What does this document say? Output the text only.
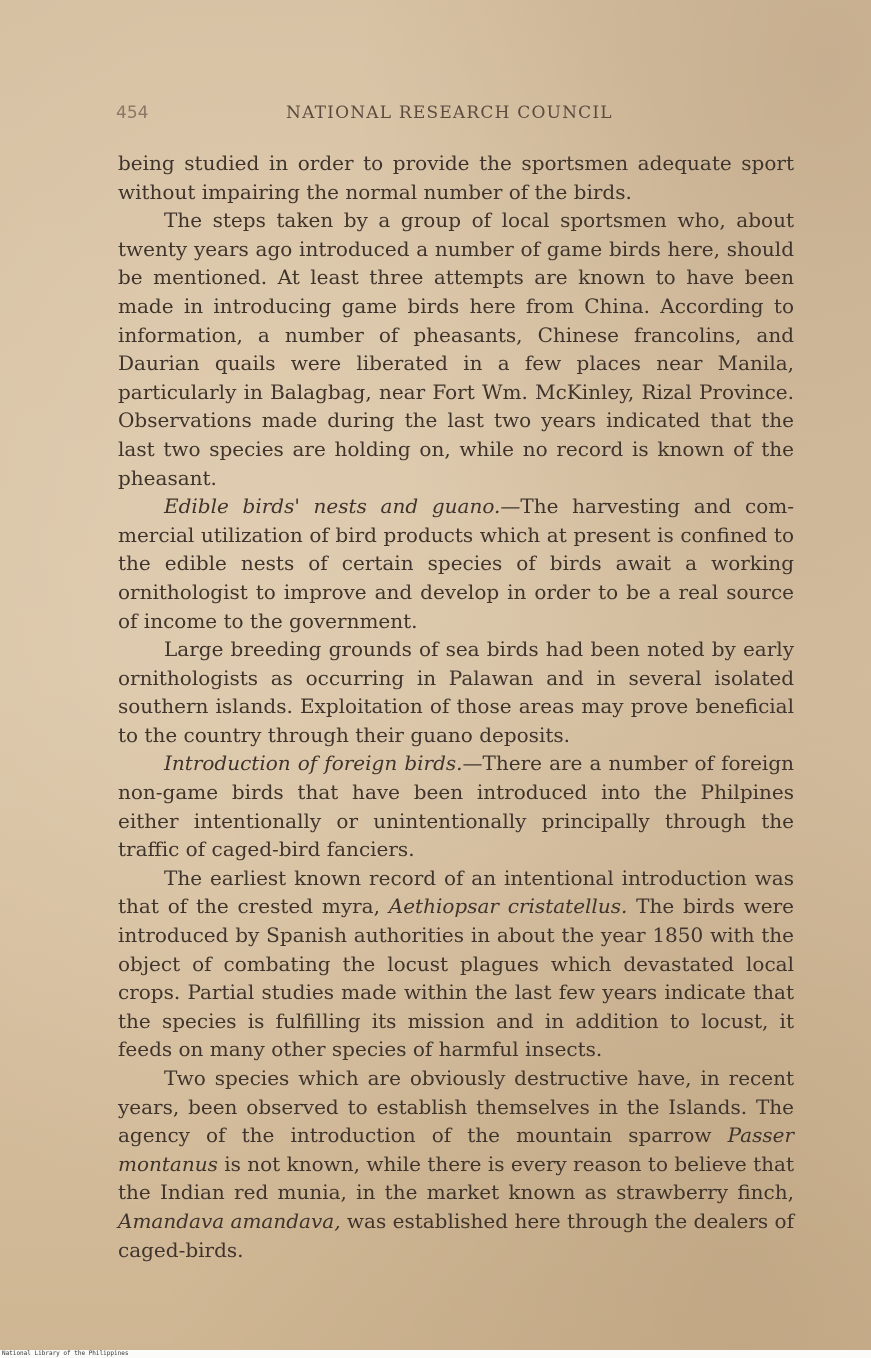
454	NATIONAL RESEARCH COUNCIL

being studied in order to provide the sportsmen adequate sport without impairing the normal number of the birds.

The steps taken by a group of local sportsmen who, about twenty years ago introduced a number of game birds here, should be mentioned. At least three attempts are known to have been made in introducing game birds here from China. According to information, a number of pheasants, Chinese francolins, and Daurian quails were liberated in a few places near Manila, particularly in Balagbag, near Fort Wm. McKinley, Rizal Province. Observations made during the last two years indicated that the last two species are holding on, while no record is known of the pheasant.

Edible birds' nests and guano.—The harvesting and commercial utilization of bird products which at present is confined to the edible nests of certain species of birds await a working ornithologist to improve and develop in order to be a real source of income to the government.

Large breeding grounds of sea birds had been noted by early ornithologists as occurring in Palawan and in several isolated southern islands. Exploitation of those areas may prove beneficial to the country through their guano deposits.

Introduction of foreign birds.—There are a number of foreign non-game birds that have been introduced into the Philpines either intentionally or unintentionally principally through the traffic of caged-bird fanciers.

The earliest known record of an intentional introduction was that of the crested myra, Aethiopsar cristatellus. The birds were introduced by Spanish authorities in about the year 1850 with the object of combating the locust plagues which devastated local crops. Partial studies made within the last few years indicate that the species is fulfilling its mission and in addition to locust, it feeds on many other species of harmful insects.

Two species which are obviously destructive have, in recent years, been observed to establish themselves in the Islands. The agency of the introduction of the mountain sparrow Passer montanus is not known, while there is every reason to believe that the Indian red munia, in the market known as strawberry finch, Amandava amandava, was established here through the dealers of caged-birds.

National Library of the Philippines
